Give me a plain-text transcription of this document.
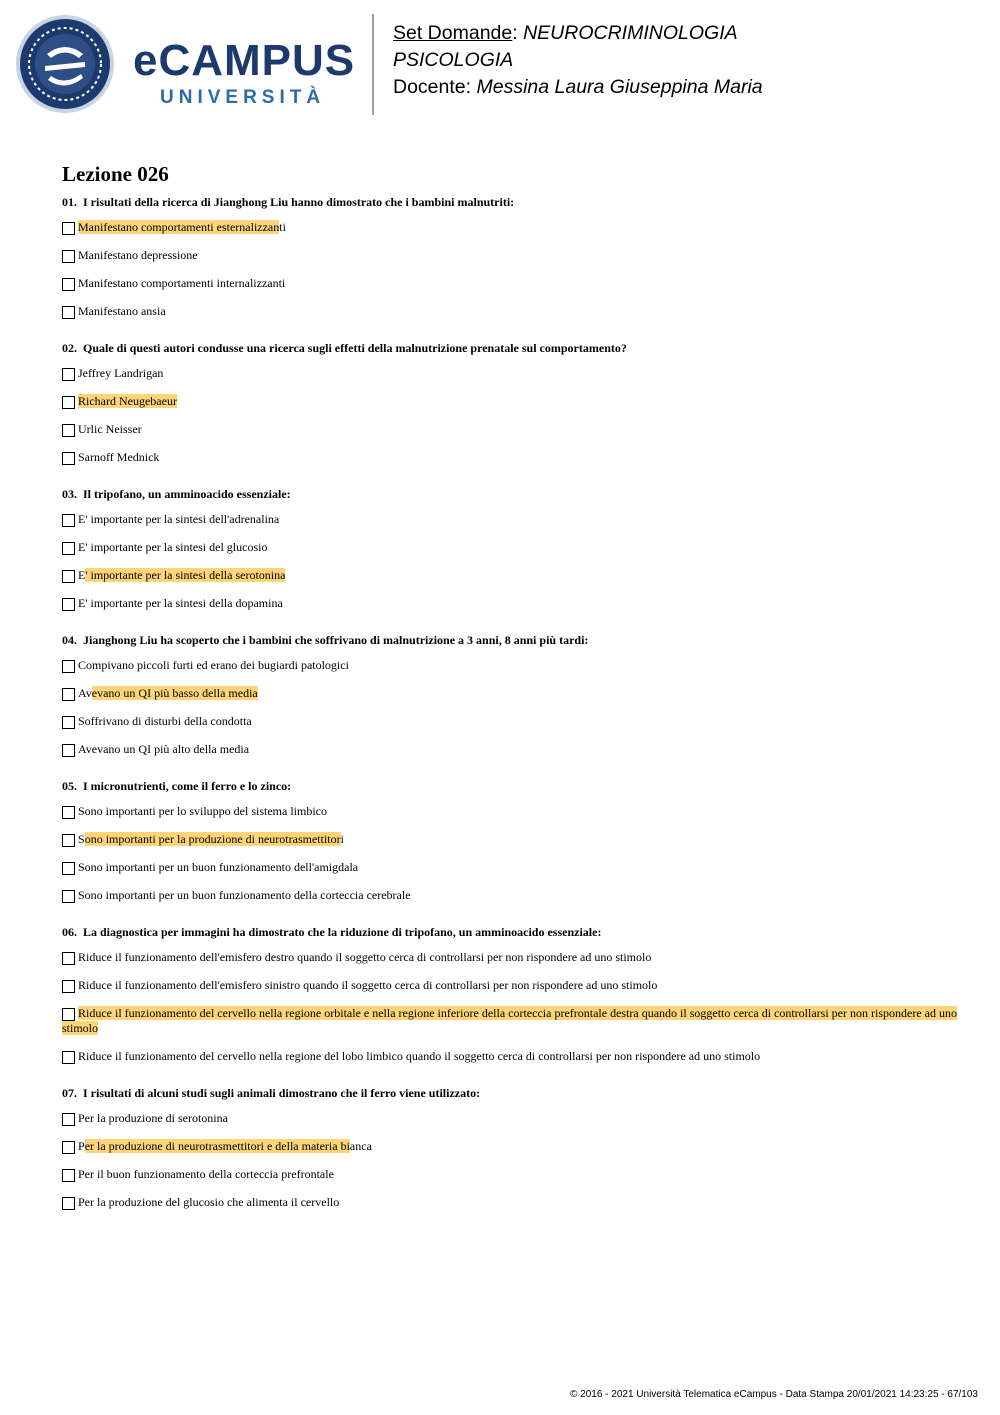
eCAMPUS
UNIVERSITÀ
Set Domande: NEUROCRIMINOLOGIA
PSICOLOGIA
Docente: Messina Laura Giuseppina Maria
Lezione 026
01. I risultati della ricerca di Jianghong Liu hanno dimostrato che i bambini malnutriti:
Manifestano comportamenti esternalizzanti
Manifestano depressione
Manifestano comportamenti internalizzanti
Manifestano ansia
02. Quale di questi autori condusse una ricerca sugli effetti della malnutrizione prenatale sul comportamento?
Jeffrey Landrigan
Richard Neugebaeur
Urlic Neisser
Sarnoff Mednick
03. Il tripofano, un amminoacido essenziale:
E' importante per la sintesi dell'adrenalina
E' importante per la sintesi del glucosio
E' importante per la sintesi della serotonina
E' importante per la sintesi della dopamina
04. Jianghong Liu ha scoperto che i bambini che soffrivano di malnutrizione a 3 anni, 8 anni più tardi:
Compivano piccoli furti ed erano dei bugiardi patologici
Avevano un QI più basso della media
Soffrivano di disturbi della condotta
Avevano un QI più alto della media
05. I micronutrienti, come il ferro e lo zinco:
Sono importanti per lo sviluppo del sistema limbico
Sono importanti per la produzione di neurotrasmettitori
Sono importanti per un buon funzionamento dell'amigdala
Sono importanti per un buon funzionamento della corteccia cerebrale
06. La diagnostica per immagini ha dimostrato che la riduzione di tripofano, un amminoacido essenziale:
Riduce il funzionamento dell'emisfero destro quando il soggetto cerca di controllarsi per non rispondere ad uno stimolo
Riduce il funzionamento dell'emisfero sinistro quando il soggetto cerca di controllarsi per non rispondere ad uno stimolo
Riduce il funzionamento del cervello nella regione orbitale e nella regione inferiore della corteccia prefrontale destra quando il soggetto cerca di controllarsi per non rispondere ad uno stimolo
Riduce il funzionamento del cervello nella regione del lobo limbico quando il soggetto cerca di controllarsi per non rispondere ad uno stimolo
07. I risultati di alcuni studi sugli animali dimostrano che il ferro viene utilizzato:
Per la produzione di serotonina
Per la produzione di neurotrasmettitori e della materia bianca
Per il buon funzionamento della corteccia prefrontale
Per la produzione del glucosio che alimenta il cervello
© 2016 - 2021 Università Telematica eCampus - Data Stampa 20/01/2021 14:23:25 - 67/103
